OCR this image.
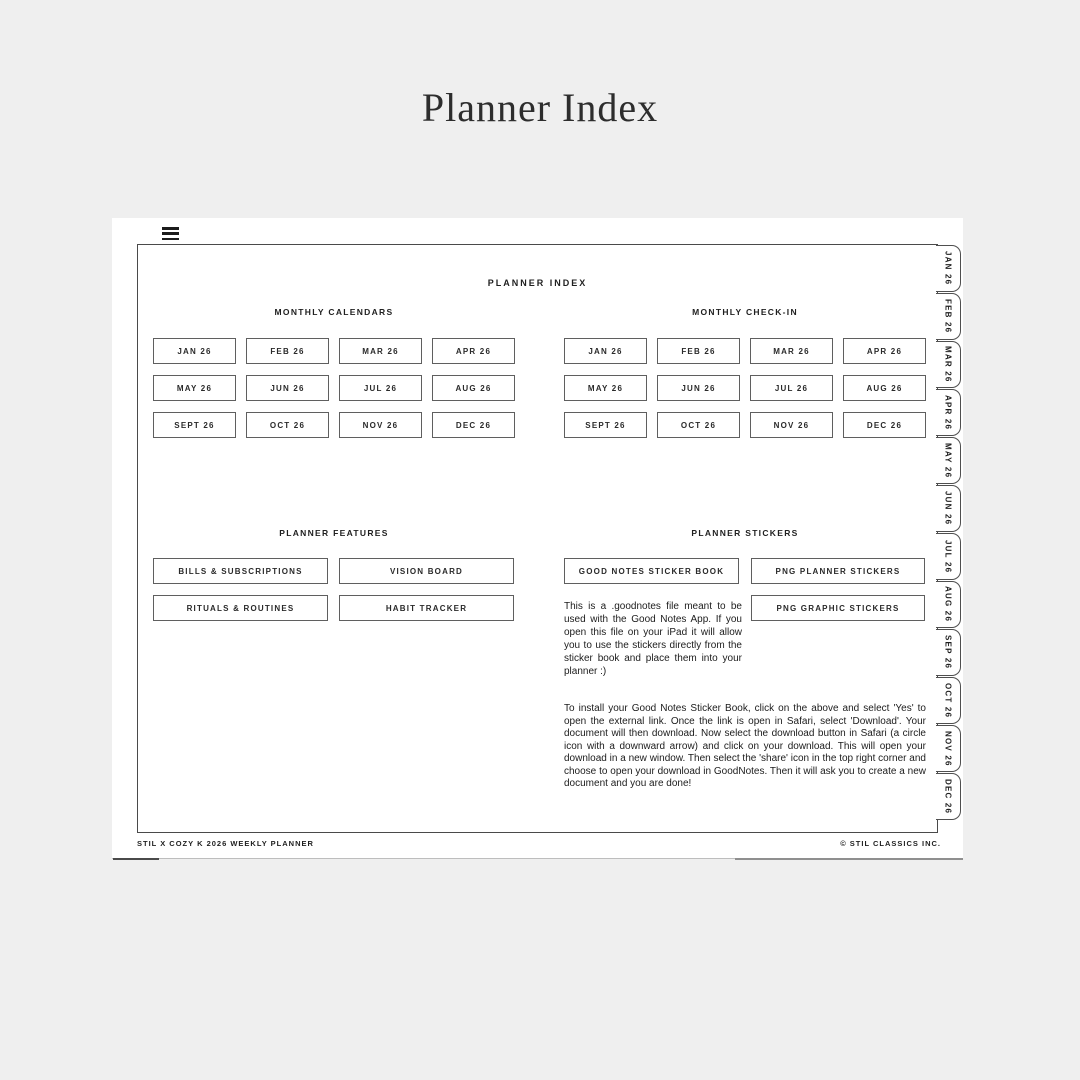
Planner Index
PLANNER INDEX
MONTHLY CALENDARS
JAN 26	FEB 26	MAR 26	APR 26
MAY 26	JUN 26	JUL 26	AUG 26
SEPT 26	OCT 26	NOV 26	DEC 26
PLANNER FEATURES
BILLS & SUBSCRIPTIONS	VISION BOARD
RITUALS & ROUTINES	HABIT TRACKER
MONTHLY CHECK-IN
JAN 26	FEB 26	MAR 26	APR 26
MAY 26	JUN 26	JUL 26	AUG 26
SEPT 26	OCT 26	NOV 26	DEC 26
PLANNER STICKERS
GOOD NOTES STICKER BOOK	PNG PLANNER STICKERS
PNG GRAPHIC STICKERS

This is a .goodnotes file meant to be used with the Good Notes App. If you open this file on your iPad it will allow you to use the stickers directly from the sticker book and place them into your planner :)

To install your Good Notes Sticker Book, click on the above and select 'Yes' to open the external link. Once the link is open in Safari, select 'Download'. Your document will then download. Now select the download button in Safari (a circle icon with a downward arrow) and click on your download. This will open your download in a new window. Then select the 'share' icon in the top right corner and choose to open your download in GoodNotes. Then it will ask you to create a new document and you are done!

STIL X COZY K 2026 WEEKLY PLANNER	© STIL CLASSICS INC.
JAN 26
FEB 26
MAR 26
APR 26
MAY 26
JUN 26
JUL 26
AUG 26
SEP 26
OCT 26
NOV 26
DEC 26
